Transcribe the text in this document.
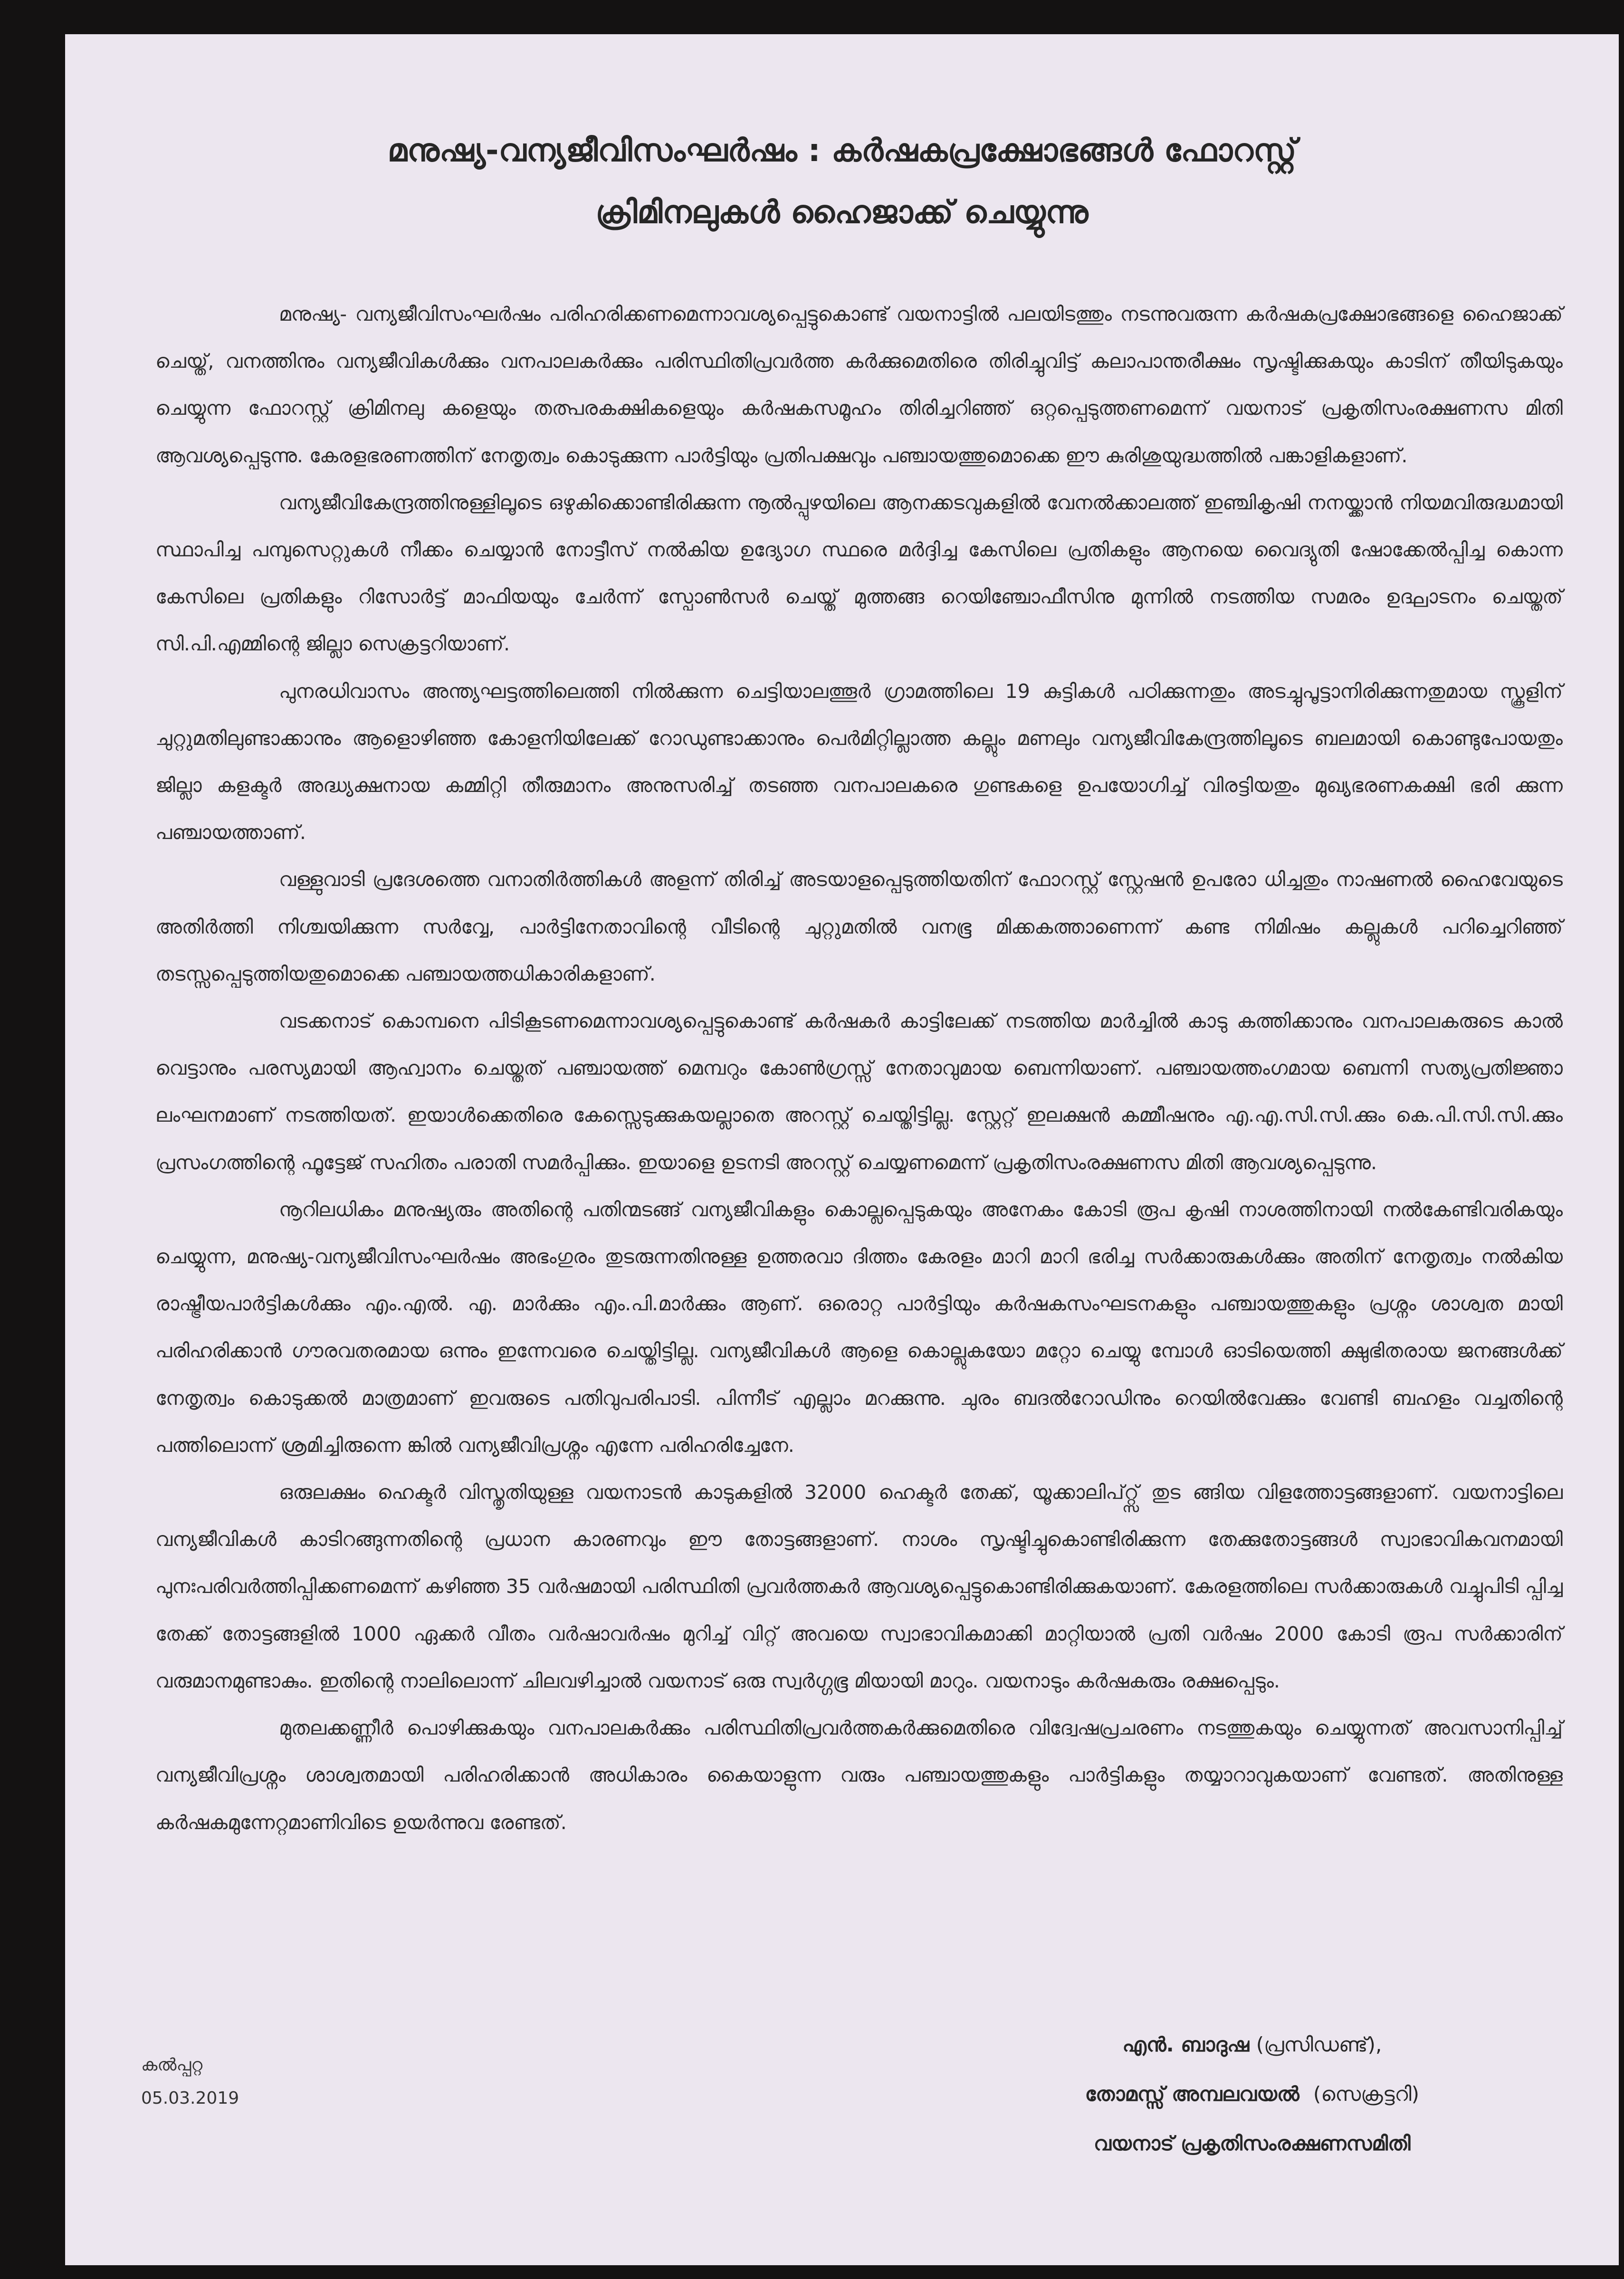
മനുഷ്യ-വന്യജീവിസംഘർഷം : കർഷകപ്രക്ഷോഭങ്ങൾ ഫോറസ്റ്റ്
ക്രിമിനലുകൾ ഹൈജാക്ക് ചെയ്യുന്നു

മനുഷ്യ- വന്യജീവിസംഘർഷം പരിഹരിക്കണമെന്നാവശ്യപ്പെട്ടുകൊണ്ട് വയനാട്ടിൽ പലയിടത്തും നടന്നുവരുന്ന കർഷകപ്രക്ഷോഭങ്ങളെ ഹൈജാക്ക് ചെയ്ത്, വനത്തിനും വന്യജീവികൾക്കും വനപാലകർക്കും പരിസ്ഥിതിപ്രവർത്ത കർക്കുമെതിരെ തിരിച്ചുവിട്ട് കലാപാന്തരീക്ഷം സൃഷ്ടിക്കുകയും കാടിന് തീയിടുകയും ചെയ്യുന്ന ഫോറസ്റ്റ് ക്രിമിനലു കളെയും തത്പരകക്ഷികളെയും കർഷകസമൂഹം തിരിച്ചറിഞ്ഞ് ഒറ്റപ്പെടുത്തണമെന്ന് വയനാട് പ്രകൃതിസംരക്ഷണസ മിതി ആവശ്യപ്പെടുന്നു. കേരളഭരണത്തിന് നേതൃത്വം കൊടുക്കുന്ന പാർട്ടിയും പ്രതിപക്ഷവും പഞ്ചായത്തുമൊക്കെ ഈ കുരിശുയുദ്ധത്തിൽ പങ്കാളികളാണ്.

വന്യജീവികേന്ദ്രത്തിനുള്ളിലൂടെ ഒഴുകിക്കൊണ്ടിരിക്കുന്ന നൂൽപ്പുഴയിലെ ആനക്കടവുകളിൽ വേനൽക്കാലത്ത് ഇഞ്ചികൃഷി നനയ്ക്കാൻ നിയമവിരുദ്ധമായി സ്ഥാപിച്ച പമ്പുസെറ്റുകൾ നീക്കം ചെയ്യാൻ നോട്ടീസ് നൽകിയ ഉദ്യോഗ സ്ഥരെ മർദ്ദിച്ച കേസിലെ പ്രതികളും ആനയെ വൈദ്യുതി ഷോക്കേൽപ്പിച്ച കൊന്ന കേസിലെ പ്രതികളും റിസോർട്ട് മാഫിയയും ചേർന്ന് സ്പോൺസർ ചെയ്ത് മുത്തങ്ങ റെയിഞ്ചോഫീസിനു മുന്നിൽ നടത്തിയ സമരം ഉദ്ഘാടനം ചെയ്തത് സി.പി.എമ്മിന്റെ ജില്ലാ സെക്രട്ടറിയാണ്.

പുനരധിവാസം അന്ത്യഘട്ടത്തിലെത്തി നിൽക്കുന്ന ചെട്ടിയാലത്തൂർ ഗ്രാമത്തിലെ 19 കുട്ടികൾ പഠിക്കുന്നതും അടച്ചുപൂട്ടാനിരിക്കുന്നതുമായ സ്കൂളിന് ചുറ്റുമതിലുണ്ടാക്കാനും ആളൊഴിഞ്ഞ കോളനിയിലേക്ക് റോഡുണ്ടാക്കാനും പെർമിറ്റില്ലാത്ത കല്ലും മണലും വന്യജീവികേന്ദ്രത്തിലൂടെ ബലമായി കൊണ്ടുപോയതും ജില്ലാ കളക്ടർ അദ്ധ്യക്ഷനായ കമ്മിറ്റി തീരുമാനം അനുസരിച്ച് തടഞ്ഞ വനപാലകരെ ഗുണ്ടകളെ ഉപയോഗിച്ച് വിരട്ടിയതും മുഖ്യഭരണകക്ഷി ഭരി ക്കുന്ന പഞ്ചായത്താണ്.

വള്ളുവാടി പ്രദേശത്തെ വനാതിർത്തികൾ അളന്ന് തിരിച്ച് അടയാളപ്പെടുത്തിയതിന് ഫോറസ്റ്റ് സ്റ്റേഷൻ ഉപരോ ധിച്ചതും നാഷണൽ ഹൈവേയുടെ അതിർത്തി നിശ്ചയിക്കുന്ന സർവ്വേ, പാർട്ടിനേതാവിന്റെ വീടിന്റെ ചുറ്റുമതിൽ വനഭൂ മിക്കകത്താണെന്ന് കണ്ട നിമിഷം കല്ലുകൾ പറിച്ചെറിഞ്ഞ് തടസ്സപ്പെടുത്തിയതുമൊക്കെ പഞ്ചായത്തധികാരികളാണ്.

വടക്കനാട് കൊമ്പനെ പിടികൂടണമെന്നാവശ്യപ്പെട്ടുകൊണ്ട് കർഷകർ കാട്ടിലേക്ക് നടത്തിയ മാർച്ചിൽ കാടു കത്തിക്കാനും വനപാലകരുടെ കാൽ വെട്ടാനും പരസ്യമായി ആഹ്വാനം ചെയ്തത് പഞ്ചായത്ത് മെമ്പറും കോൺഗ്രസ്സ് നേതാവുമായ ബെന്നിയാണ്. പഞ്ചായത്തംഗമായ ബെന്നി സത്യപ്രതിജ്ഞാ ലംഘനമാണ് നടത്തിയത്. ഇയാൾക്കെതിരെ കേസ്സെടുക്കുകയല്ലാതെ അറസ്റ്റ് ചെയ്തിട്ടില്ല. സ്റ്റേറ്റ് ഇലക്ഷൻ കമ്മീഷനും എ.എ.സി.സി.ക്കും കെ.പി.സി.സി.ക്കും പ്രസംഗത്തിന്റെ ഫൂട്ടേജ് സഹിതം പരാതി സമർപ്പിക്കും. ഇയാളെ ഉടനടി അറസ്റ്റ് ചെയ്യണമെന്ന് പ്രകൃതിസംരക്ഷണസ മിതി ആവശ്യപ്പെടുന്നു.

നൂറിലധികം മനുഷ്യരും അതിന്റെ പതിന്മടങ്ങ് വന്യജീവികളും കൊല്ലപ്പെടുകയും അനേകം കോടി രൂപ കൃഷി നാശത്തിനായി നൽകേണ്ടിവരികയും ചെയ്യുന്ന, മനുഷ്യ-വന്യജീവിസംഘർഷം അഭംഗുരം തുടരുന്നതിനുള്ള ഉത്തരവാ ദിത്തം കേരളം മാറി മാറി ഭരിച്ച സർക്കാരുകൾക്കും അതിന് നേതൃത്വം നൽകിയ രാഷ്ട്രീയപാർട്ടികൾക്കും എം.എൽ. എ. മാർക്കും എം.പി.മാർക്കും ആണ്. ഒരൊറ്റ പാർട്ടിയും കർഷകസംഘടനകളും പഞ്ചായത്തുകളും പ്രശ്നം ശാശ്വത മായി പരിഹരിക്കാൻ ഗൗരവതരമായ ഒന്നും ഇന്നേവരെ ചെയ്തിട്ടില്ല. വന്യജീവികൾ ആളെ കൊല്ലുകയോ മറ്റോ ചെയ്യു മ്പോൾ ഓടിയെത്തി ക്ഷുഭിതരായ ജനങ്ങൾക്ക് നേതൃത്വം കൊടുക്കൽ മാത്രമാണ് ഇവരുടെ പതിവുപരിപാടി. പിന്നീട് എല്ലാം മറക്കുന്നു. ചുരം ബദൽറോഡിനും റെയിൽവേക്കും വേണ്ടി ബഹളം വച്ചതിന്റെ പത്തിലൊന്ന് ശ്രമിച്ചിരുന്നെ ങ്കിൽ വന്യജീവിപ്രശ്നം എന്നേ പരിഹരിച്ചേനേ.

ഒരുലക്ഷം ഹെക്ടർ വിസ്തൃതിയുള്ള വയനാടൻ കാടുകളിൽ 32000 ഹെക്ടർ തേക്ക്, യൂക്കാലിപ്റ്റ്സ് തുട ങ്ങിയ വിളത്തോട്ടങ്ങളാണ്. വയനാട്ടിലെ വന്യജീവികൾ കാടിറങ്ങുന്നതിന്റെ പ്രധാന കാരണവും ഈ തോട്ടങ്ങളാണ്. നാശം സൃഷ്ടിച്ചുകൊണ്ടിരിക്കുന്ന തേക്കുതോട്ടങ്ങൾ സ്വാഭാവികവനമായി പുനഃപരിവർത്തിപ്പിക്കണമെന്ന് കഴിഞ്ഞ 35 വർഷമായി പരിസ്ഥിതി പ്രവർത്തകർ ആവശ്യപ്പെട്ടുകൊണ്ടിരിക്കുകയാണ്. കേരളത്തിലെ സർക്കാരുകൾ വച്ചുപിടി പ്പിച്ച തേക്ക് തോട്ടങ്ങളിൽ 1000 ഏക്കർ വീതം വർഷാവർഷം മുറിച്ച് വിറ്റ് അവയെ സ്വാഭാവികമാക്കി മാറ്റിയാൽ പ്രതി വർഷം 2000 കോടി രൂപ സർക്കാരിന് വരുമാനമുണ്ടാകും. ഇതിന്റെ നാലിലൊന്ന് ചിലവഴിച്ചാൽ വയനാട് ഒരു സ്വർഗ്ഗഭൂ മിയായി മാറും. വയനാടും കർഷകരും രക്ഷപ്പെടും.

മുതലക്കണ്ണീർ പൊഴിക്കുകയും വനപാലകർക്കും പരിസ്ഥിതിപ്രവർത്തകർക്കുമെതിരെ വിദ്വേഷപ്രചരണം നടത്തുകയും ചെയ്യുന്നത് അവസാനിപ്പിച്ച് വന്യജീവിപ്രശ്നം ശാശ്വതമായി പരിഹരിക്കാൻ അധികാരം കൈയാളുന്ന വരും പഞ്ചായത്തുകളും പാർട്ടികളും തയ്യാറാവുകയാണ് വേണ്ടത്. അതിനുള്ള കർഷകമുന്നേറ്റമാണിവിടെ ഉയർന്നുവ രേണ്ടത്.

കൽപ്പറ്റ
05.03.2019
എൻ. ബാദുഷ (പ്രസിഡണ്ട്),
തോമസ്സ് അമ്പലവയൽ (സെക്രട്ടറി)
വയനാട് പ്രകൃതിസംരക്ഷണസമിതി
